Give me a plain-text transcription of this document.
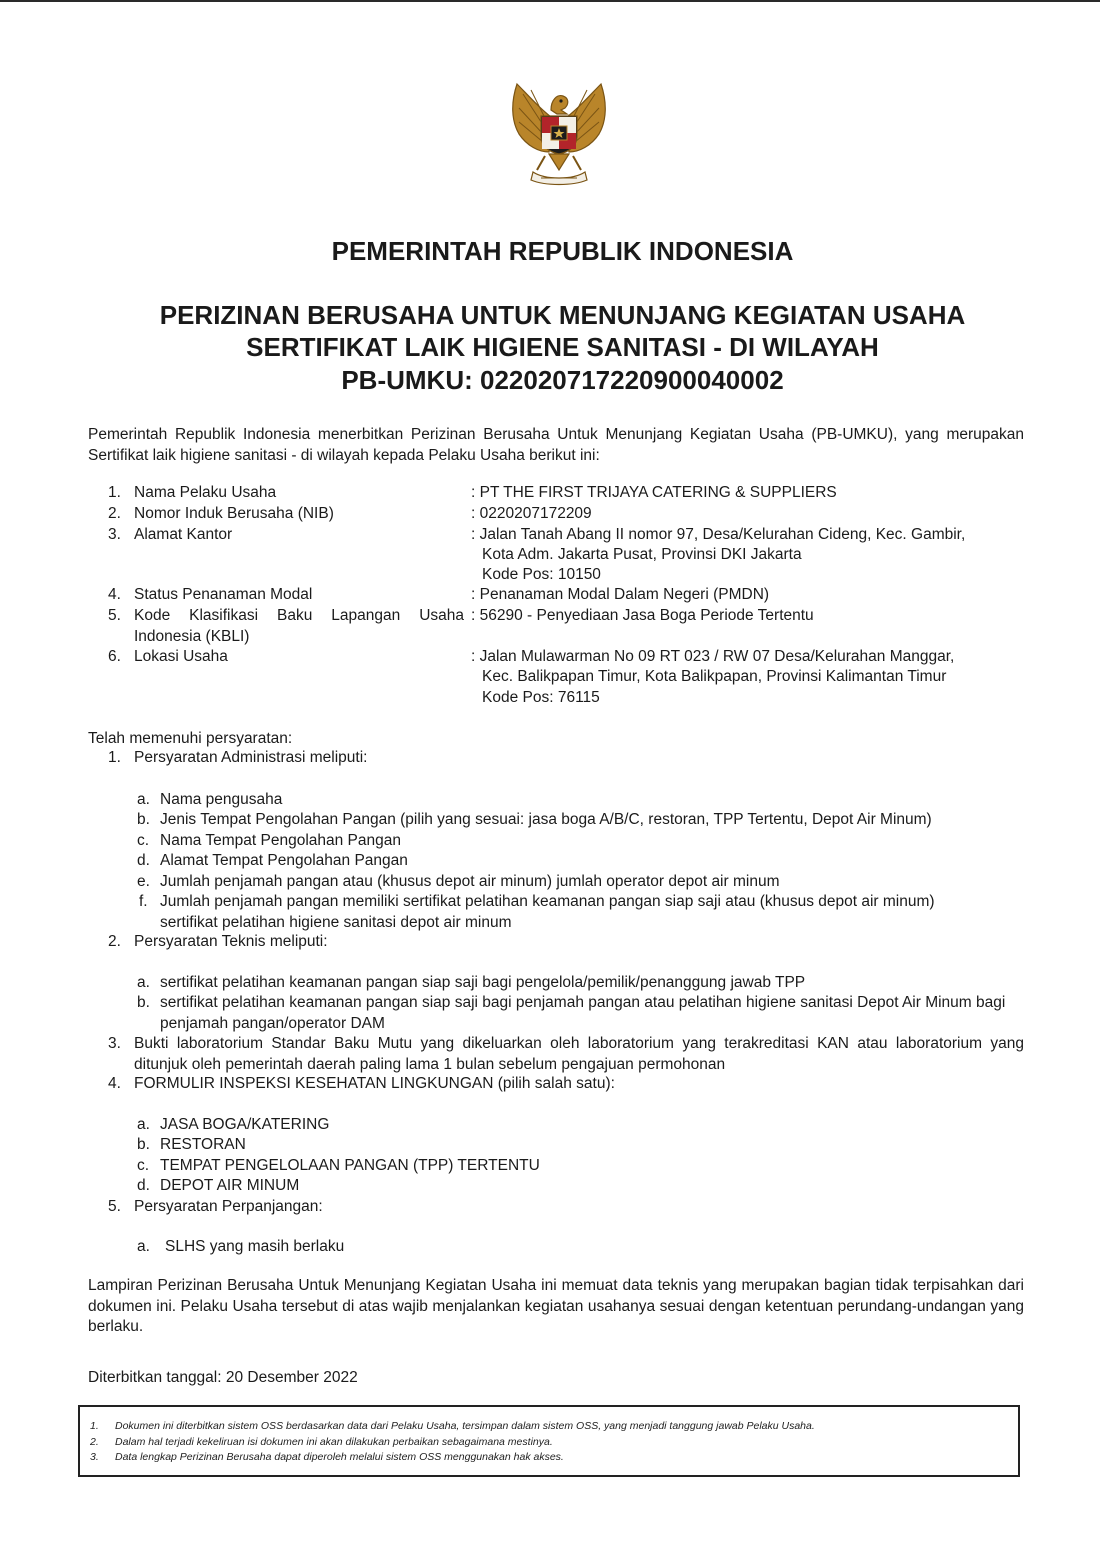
PEMERINTAH REPUBLIK INDONESIA
PERIZINAN BERUSAHA UNTUK MENUNJANG KEGIATAN USAHA
SERTIFIKAT LAIK HIGIENE SANITASI - DI WILAYAH
PB-UMKU: 022020717220900040002
Pemerintah Republik Indonesia menerbitkan Perizinan Berusaha Untuk Menunjang Kegiatan Usaha (PB-UMKU), yang merupakan Sertifikat laik higiene sanitasi - di wilayah kepada Pelaku Usaha berikut ini:
1. Nama Pelaku Usaha	: PT THE FIRST TRIJAYA CATERING & SUPPLIERS
2. Nomor Induk Berusaha (NIB)	: 0220207172209
3. Alamat Kantor	: Jalan Tanah Abang II nomor 97, Desa/Kelurahan Cideng, Kec. Gambir,
Kota Adm. Jakarta Pusat, Provinsi DKI Jakarta
Kode Pos: 10150
4. Status Penanaman Modal	: Penanaman Modal Dalam Negeri (PMDN)
5. Kode Klasifikasi Baku Lapangan Usaha Indonesia (KBLI)
: 56290 - Penyediaan Jasa Boga Periode Tertentu
6. Lokasi Usaha	: Jalan Mulawarman No 09 RT 023 / RW 07 Desa/Kelurahan Manggar,
Kec. Balikpapan Timur, Kota Balikpapan, Provinsi Kalimantan Timur
Kode Pos: 76115
Telah memenuhi persyaratan:
1. Persyaratan Administrasi meliputi:
a. Nama pengusaha
b. Jenis Tempat Pengolahan Pangan (pilih yang sesuai: jasa boga A/B/C, restoran, TPP Tertentu, Depot Air Minum)
c. Nama Tempat Pengolahan Pangan
d. Alamat Tempat Pengolahan Pangan
e. Jumlah penjamah pangan atau (khusus depot air minum) jumlah operator depot air minum
f. Jumlah penjamah pangan memiliki sertifikat pelatihan keamanan pangan siap saji atau (khusus depot air minum) sertifikat pelatihan higiene sanitasi depot air minum
2. Persyaratan Teknis meliputi:
a. sertifikat pelatihan keamanan pangan siap saji bagi pengelola/pemilik/penanggung jawab TPP
b. sertifikat pelatihan keamanan pangan siap saji bagi penjamah pangan atau pelatihan higiene sanitasi Depot Air Minum bagi penjamah pangan/operator DAM
3. Bukti laboratorium Standar Baku Mutu yang dikeluarkan oleh laboratorium yang terakreditasi KAN atau laboratorium yang ditunjuk oleh pemerintah daerah paling lama 1 bulan sebelum pengajuan permohonan
4. FORMULIR INSPEKSI KESEHATAN LINGKUNGAN (pilih salah satu):
a. JASA BOGA/KATERING
b. RESTORAN
c. TEMPAT PENGELOLAAN PANGAN (TPP) TERTENTU
d. DEPOT AIR MINUM
5. Persyaratan Perpanjangan:
a. SLHS yang masih berlaku
Lampiran Perizinan Berusaha Untuk Menunjang Kegiatan Usaha ini memuat data teknis yang merupakan bagian tidak terpisahkan dari dokumen ini. Pelaku Usaha tersebut di atas wajib menjalankan kegiatan usahanya sesuai dengan ketentuan perundang-undangan yang berlaku.
Diterbitkan tanggal: 20 Desember 2022
1. Dokumen ini diterbitkan sistem OSS berdasarkan data dari Pelaku Usaha, tersimpan dalam sistem OSS, yang menjadi tanggung jawab Pelaku Usaha.
2. Dalam hal terjadi kekeliruan isi dokumen ini akan dilakukan perbaikan sebagaimana mestinya.
3. Data lengkap Perizinan Berusaha dapat diperoleh melalui sistem OSS menggunakan hak akses.
